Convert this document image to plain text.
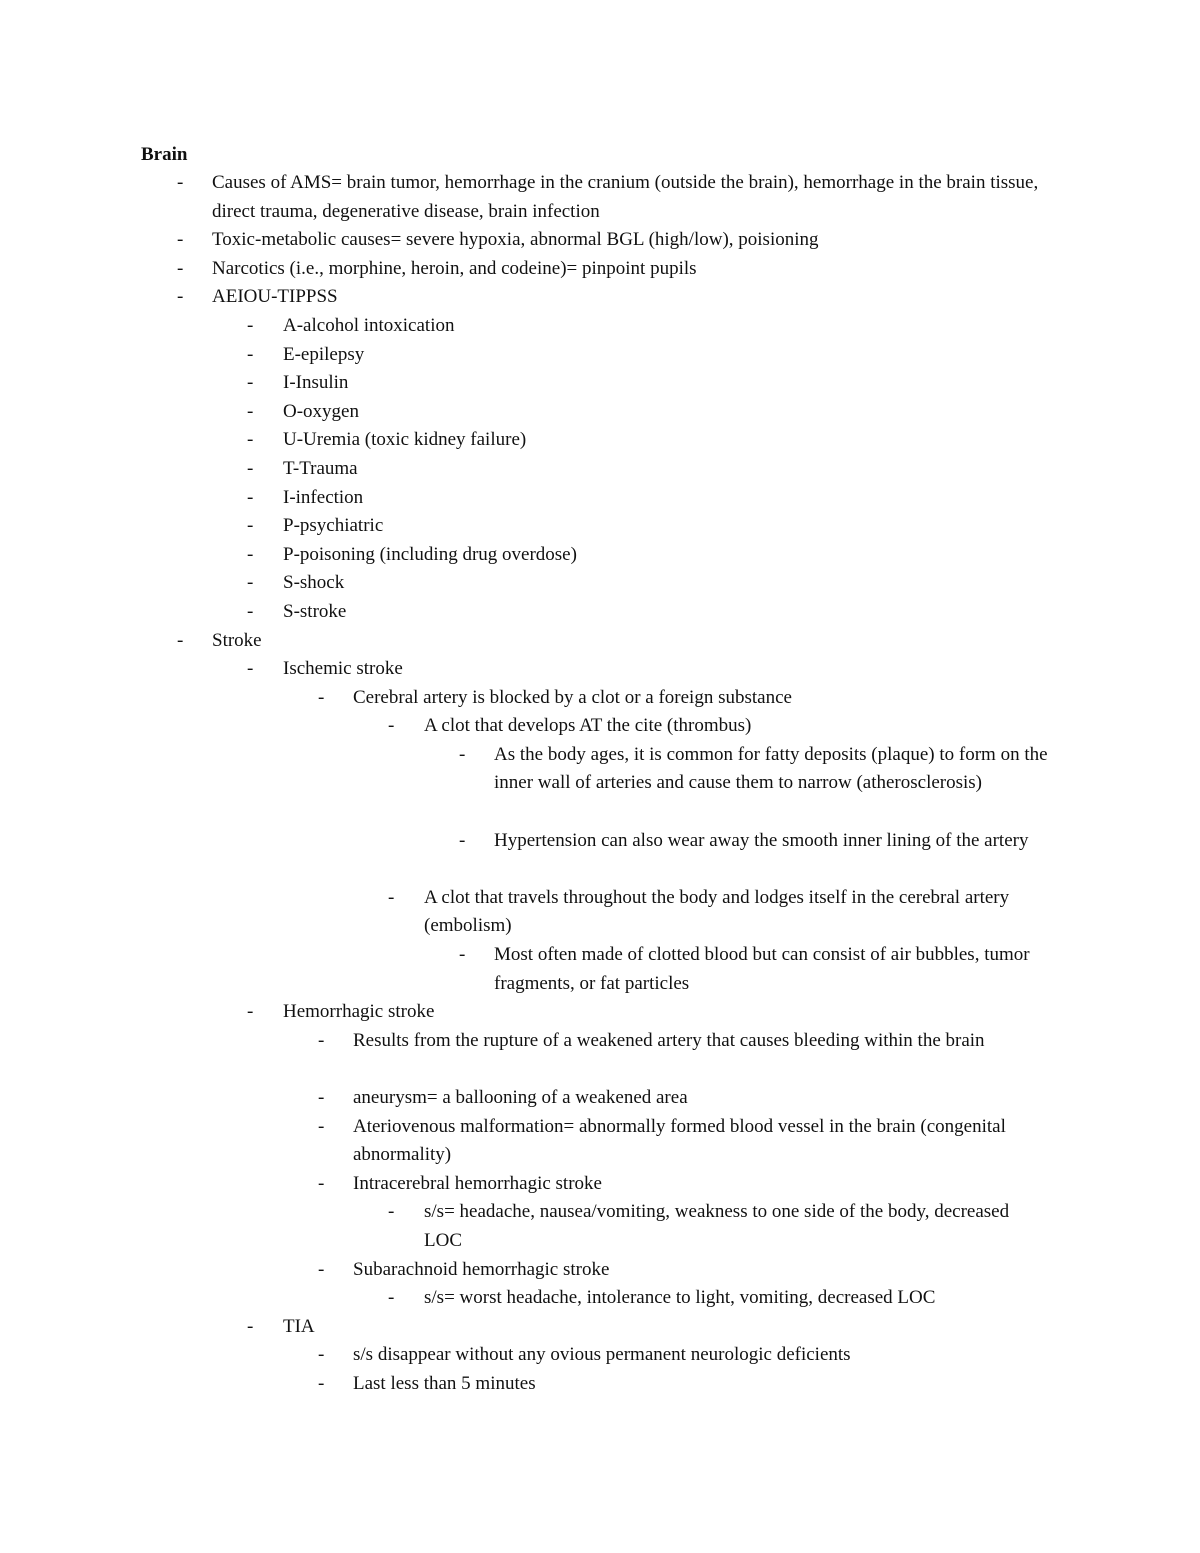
Brain
- Causes of AMS= brain tumor, hemorrhage in the cranium (outside the brain), hemorrhage in the brain tissue, direct trauma, degenerative disease, brain infection
- Toxic-metabolic causes= severe hypoxia, abnormal BGL (high/low), poisioning
- Narcotics (i.e., morphine, heroin, and codeine)= pinpoint pupils
- AEIOU-TIPPSS
- A-alcohol intoxication
- E-epilepsy
- I-Insulin
- O-oxygen
- U-Uremia (toxic kidney failure)
- T-Trauma
- I-infection
- P-psychiatric
- P-poisoning (including drug overdose)
- S-shock
- S-stroke
- Stroke
- Ischemic stroke
- Cerebral artery is blocked by a clot or a foreign substance
- A clot that develops AT the cite (thrombus)
- As the body ages, it is common for fatty deposits (plaque) to form on the inner wall of arteries and cause them to narrow (atherosclerosis)
- Hypertension can also wear away the smooth inner lining of the artery
- A clot that travels throughout the body and lodges itself in the cerebral artery (embolism)
- Most often made of clotted blood but can consist of air bubbles, tumor fragments, or fat particles
- Hemorrhagic stroke
- Results from the rupture of a weakened artery that causes bleeding within the brain
- aneurysm= a ballooning of a weakened area
- Ateriovenous malformation= abnormally formed blood vessel in the brain (congenital abnormality)
- Intracerebral hemorrhagic stroke
- s/s= headache, nausea/vomiting, weakness to one side of the body, decreased LOC
- Subarachnoid hemorrhagic stroke
- s/s= worst headache, intolerance to light, vomiting, decreased LOC
- TIA
- s/s disappear without any ovious permanent neurologic deficients
- Last less than 5 minutes
